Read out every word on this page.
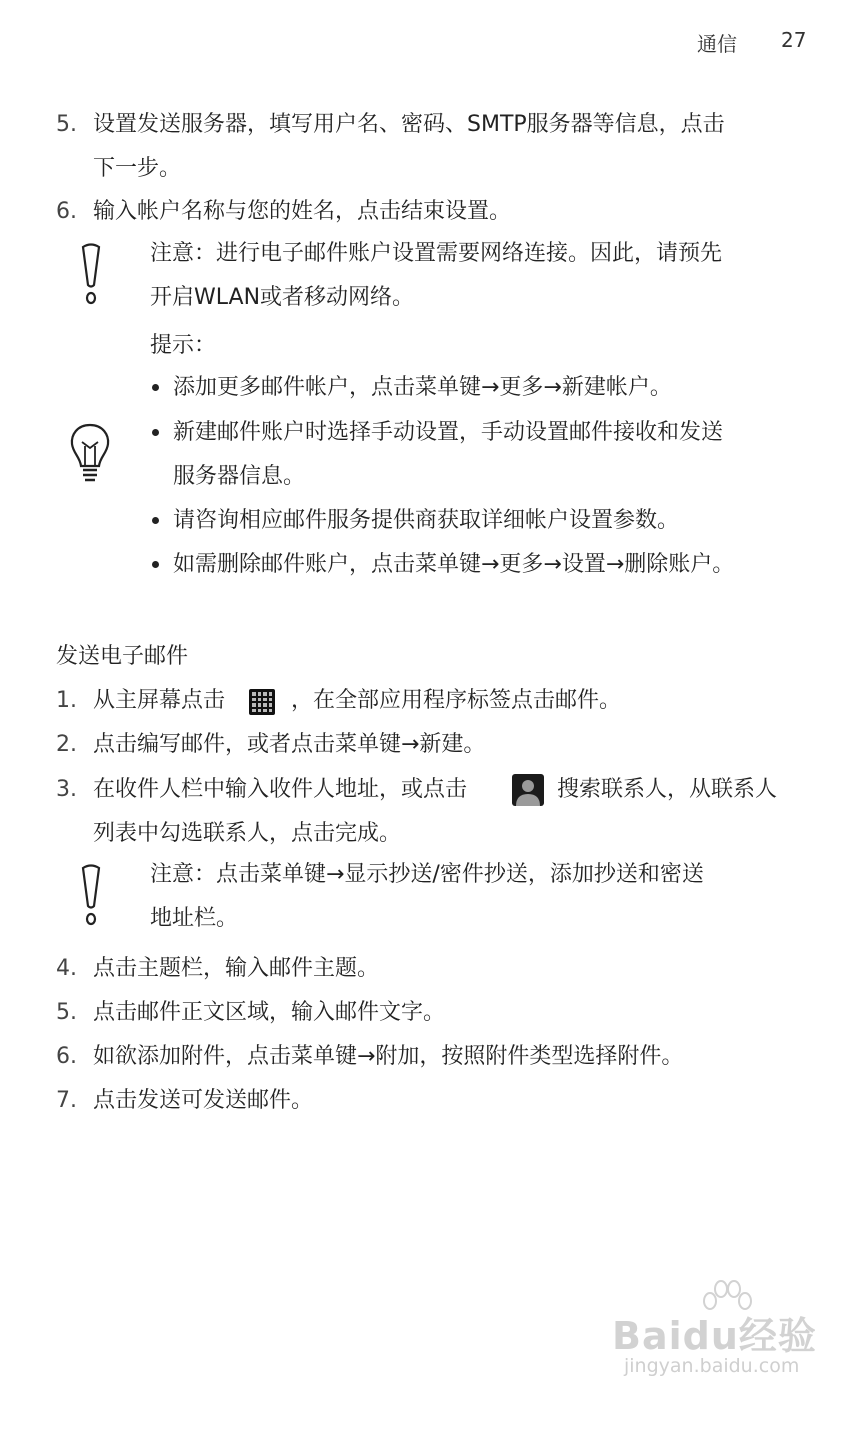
通信 27
5. 设置发送服务器，填写用户名、密码、SMTP服务器等信息，点击
下一步。
6. 输入帐户名称与您的姓名，点击结束设置。
注意：进行电子邮件账户设置需要网络连接。因此，请预先
开启WLAN或者移动网络。
提示：
添加更多邮件帐户，点击菜单键→更多→新建帐户。
新建邮件账户时选择手动设置，手动设置邮件接收和发送
服务器信息。
请咨询相应邮件服务提供商获取详细帐户设置参数。
如需删除邮件账户，点击菜单键→更多→设置→删除账户。
发送电子邮件
1. 从主屏幕点击	，在全部应用程序标签点击邮件。
2. 点击编写邮件，或者点击菜单键→新建。
3. 在收件人栏中输入收件人地址，或点击	搜索联系人，从联系人
列表中勾选联系人，点击完成。
注意：点击菜单键→显示抄送/密件抄送，添加抄送和密送
地址栏。
4. 点击主题栏，输入邮件主题。
5. 点击邮件正文区域，输入邮件文字。
6. 如欲添加附件，点击菜单键→附加，按照附件类型选择附件。
7. 点击发送可发送邮件。
Baidu经验
jingyan.baidu.com
